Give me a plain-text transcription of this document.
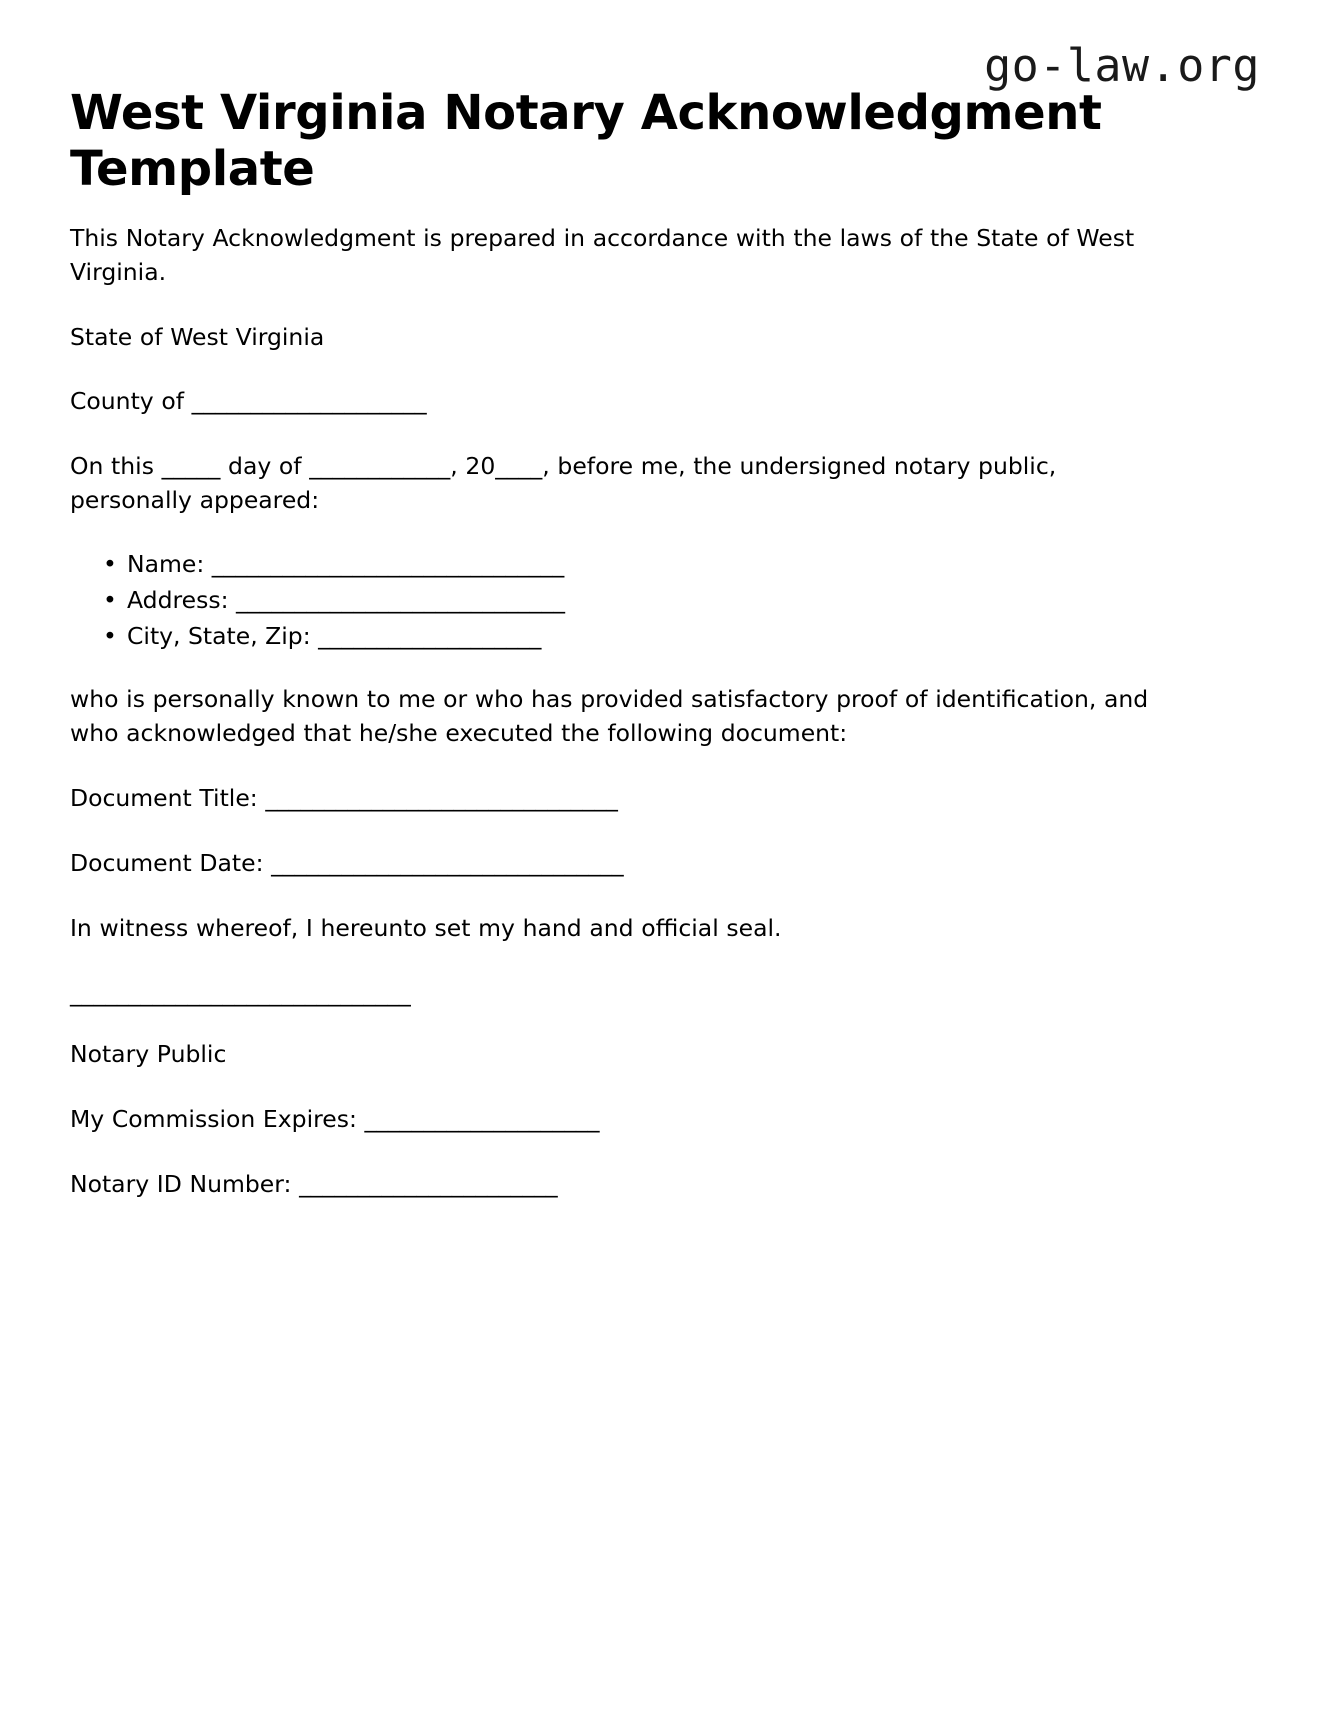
go-law.org
West Virginia Notary Acknowledgment Template

This Notary Acknowledgment is prepared in accordance with the laws of the State of West Virginia.

State of West Virginia

County of ____________________

On this _____ day of ____________, 20____, before me, the undersigned notary public, personally appeared:

• Name: ______________________________
• Address: ____________________________
• City, State, Zip: ___________________

who is personally known to me or who has provided satisfactory proof of identification, and who acknowledged that he/she executed the following document:

Document Title: ______________________________

Document Date: ______________________________

In witness whereof, I hereunto set my hand and official seal.

_____________________________

Notary Public

My Commission Expires: ____________________

Notary ID Number: ______________________
